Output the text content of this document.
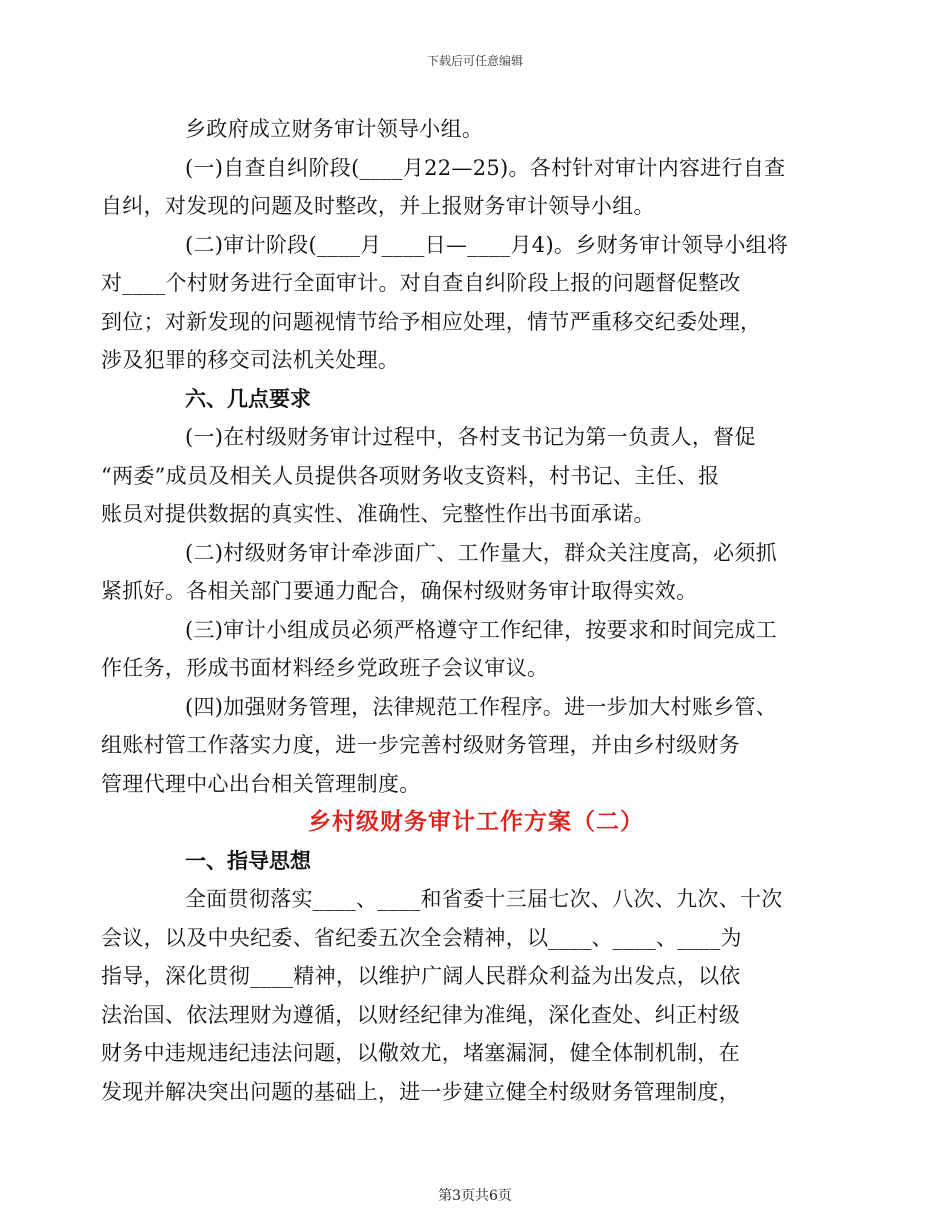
下载后可任意编辑

乡政府成立财务审计领导小组。

(一)自查自纠阶段(____月22—25)。各村针对审计内容进行自查
自纠，对发现的问题及时整改，并上报财务审计领导小组。

(二)审计阶段(____月____日—____月4)。乡财务审计领导小组将
对____个村财务进行全面审计。对自查自纠阶段上报的问题督促整改
到位；对新发现的问题视情节给予相应处理，情节严重移交纪委处理，
涉及犯罪的移交司法机关处理。

六、几点要求

(一)在村级财务审计过程中，各村支书记为第一负责人，督促
“两委”成员及相关人员提供各项财务收支资料，村书记、主任、报
账员对提供数据的真实性、准确性、完整性作出书面承诺。

(二)村级财务审计牵涉面广、工作量大，群众关注度高，必须抓
紧抓好。各相关部门要通力配合，确保村级财务审计取得实效。

(三)审计小组成员必须严格遵守工作纪律，按要求和时间完成工
作任务，形成书面材料经乡党政班子会议审议。

(四)加强财务管理，法律规范工作程序。进一步加大村账乡管、
组账村管工作落实力度，进一步完善村级财务管理，并由乡村级财务
管理代理中心出台相关管理制度。

乡村级财务审计工作方案（二）

一、指导思想

全面贯彻落实____、____和省委十三届七次、八次、九次、十次
会议，以及中央纪委、省纪委五次全会精神，以____、____、____为
指导，深化贯彻____精神，以维护广阔人民群众利益为出发点，以依
法治国、依法理财为遵循，以财经纪律为准绳，深化查处、纠正村级
财务中违规违纪违法问题，以儆效尤，堵塞漏洞，健全体制机制，在
发现并解决突出问题的基础上，进一步建立健全村级财务管理制度，

第3页共6页
